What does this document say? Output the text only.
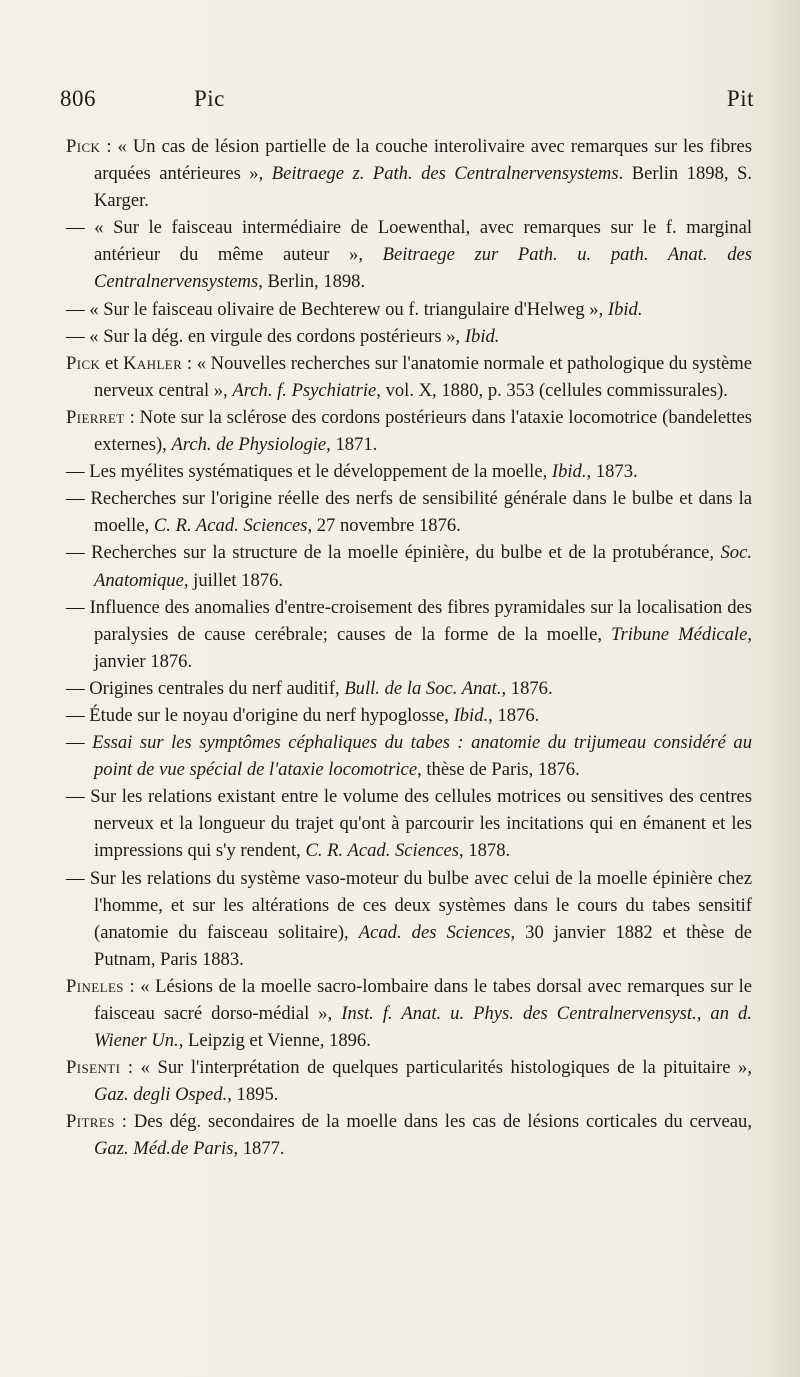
806	Pic	Pit

Pick : « Un cas de lésion partielle de la couche interolivaire avec remarques sur les fibres arquées antérieures », Beitraege z. Path. des Centralnervensystems. Berlin 1898, S. Karger.

— « Sur le faisceau intermédiaire de Loewenthal, avec remarques sur le f. marginal antérieur du même auteur », Beitraege zur Path. u. path. Anat. des Centralnervensystems, Berlin, 1898.

— « Sur le faisceau olivaire de Bechterew ou f. triangulaire d'Helweg », Ibid.

— « Sur la dég. en virgule des cordons postérieurs », Ibid.

Pick et Kahler : « Nouvelles recherches sur l'anatomie normale et pathologique du système nerveux central », Arch. f. Psychiatrie, vol. X, 1880, p. 353 (cellules commissurales).

Pierret : Note sur la sclérose des cordons postérieurs dans l'ataxie locomotrice (bandelettes externes), Arch. de Physiologie, 1871.

— Les myélites systématiques et le développement de la moelle, Ibid., 1873.

— Recherches sur l'origine réelle des nerfs de sensibilité générale dans le bulbe et dans la moelle, C. R. Acad. Sciences, 27 novembre 1876.

— Recherches sur la structure de la moelle épinière, du bulbe et de la protubérance, Soc. Anatomique, juillet 1876.

— Influence des anomalies d'entre-croisement des fibres pyramidales sur la localisation des paralysies de cause cerébrale; causes de la forme de la moelle, Tribune Médicale, janvier 1876.

— Origines centrales du nerf auditif, Bull. de la Soc. Anat., 1876.

— Étude sur le noyau d'origine du nerf hypoglosse, Ibid., 1876.

— Essai sur les symptômes céphaliques du tabes : anatomie du trijumeau considéré au point de vue spécial de l'ataxie locomotrice, thèse de Paris, 1876.

— Sur les relations existant entre le volume des cellules motrices ou sensitives des centres nerveux et la longueur du trajet qu'ont à parcourir les incitations qui en émanent et les impressions qui s'y rendent, C. R. Acad. Sciences, 1878.

— Sur les relations du système vaso-moteur du bulbe avec celui de la moelle épinière chez l'homme, et sur les altérations de ces deux systèmes dans le cours du tabes sensitif (anatomie du faisceau solitaire), Acad. des Sciences, 30 janvier 1882 et thèse de Putnam, Paris 1883.

Pineles : « Lésions de la moelle sacro-lombaire dans le tabes dorsal avec remarques sur le faisceau sacré dorso-médial », Inst. f. Anat. u. Phys. des Centralnervensyst., an d. Wiener Un., Leipzig et Vienne, 1896.

Pisenti : « Sur l'interprétation de quelques particularités histologiques de la pituitaire », Gaz. degli Osped., 1895.

Pitres : Des dég. secondaires de la moelle dans les cas de lésions corticales du cerveau, Gaz. Méd.de Paris, 1877.
